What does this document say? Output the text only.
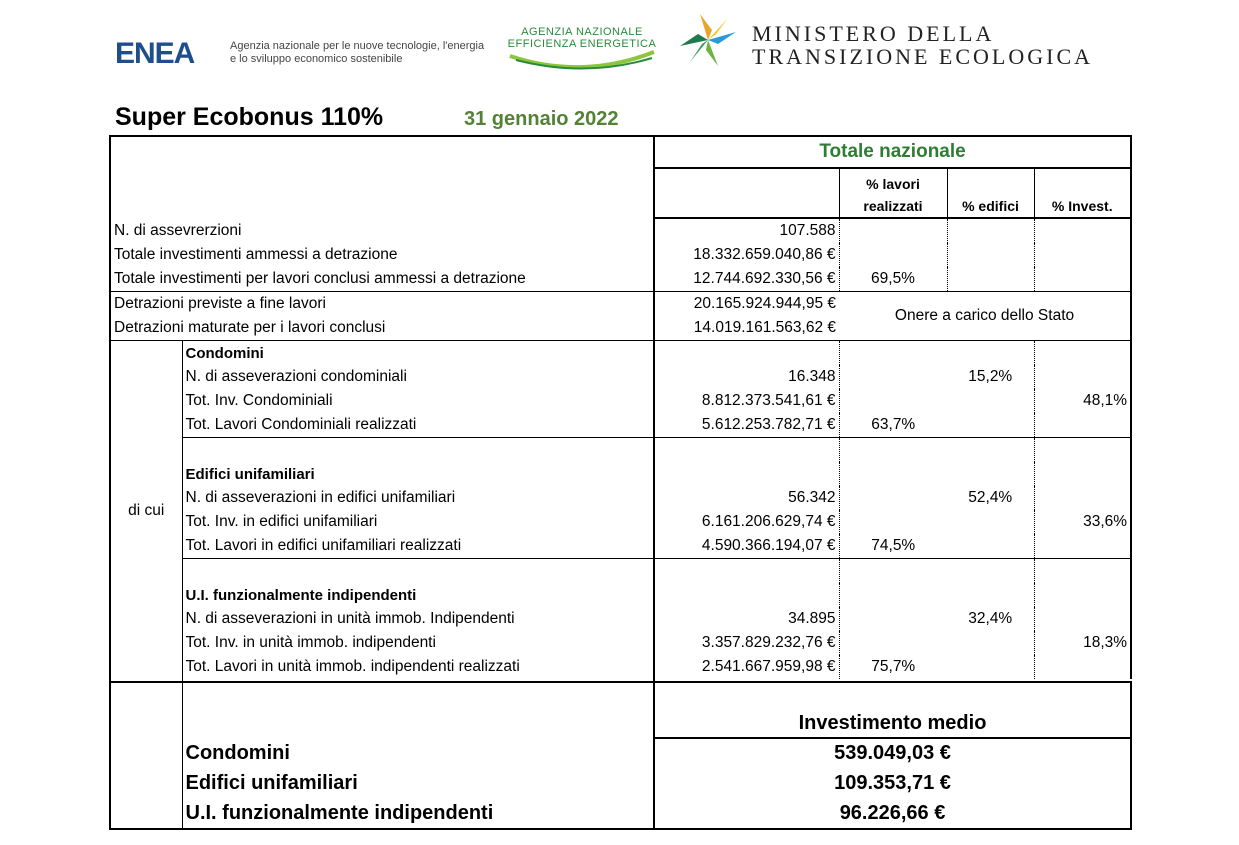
ENEA	Agenzia nazionale per le nuove tecnologie, l'energia
e lo sviluppo economico sostenibile
AGENZIA NAZIONALE
EFFICIENZA ENERGETICA	MINISTERO DELLA
TRANSIZIONE ECOLOGICA
Super Ecobonus 110%	31 gennaio 2022
		Totale nazionale			

			% lavori
realizzati	% edifici	% Invest.

N. di assevrerzioni		107.588			
Totale investimenti ammessi a detrazione		18.332.659.040,86 €			
Totale investimenti per lavori conclusi ammessi a detrazione		12.744.692.330,56 €	69,5%		
Detrazioni previste a fine lavori		20.165.924.944,95 €	Onere a carico dello Stato		
Detrazioni maturate per i lavori conclusi		14.019.161.563,62 €			
di cui	Condomini				
	N. di asseverazioni condominiali	16.348		15,2%	
	Tot. Inv. Condominiali	8.812.373.541,61 €			48,1%
	Tot. Lavori Condominiali realizzati	5.612.253.782,71 €	63,7%		

	Edifici unifamiliari				
	N. di asseverazioni in edifici unifamiliari	56.342		52,4%	
	Tot. Inv. in edifici unifamiliari	6.161.206.629,74 €			33,6%
	Tot. Lavori in edifici unifamiliari realizzati	4.590.366.194,07 €	74,5%		

	U.I. funzionalmente indipendenti				
	N. di asseverazioni in unità immob. Indipendenti	34.895		32,4%	
	Tot. Inv. in unità immob. indipendenti	3.357.829.232,76 €			18,3%
	Tot. Lavori in unità immob. indipendenti realizzati	2.541.667.959,98 €	75,7%		

		Investimento medio			
	Condomini	539.049,03 €			
	Edifici unifamiliari	109.353,71 €			
	U.I. funzionalmente indipendenti	96.226,66 €			
